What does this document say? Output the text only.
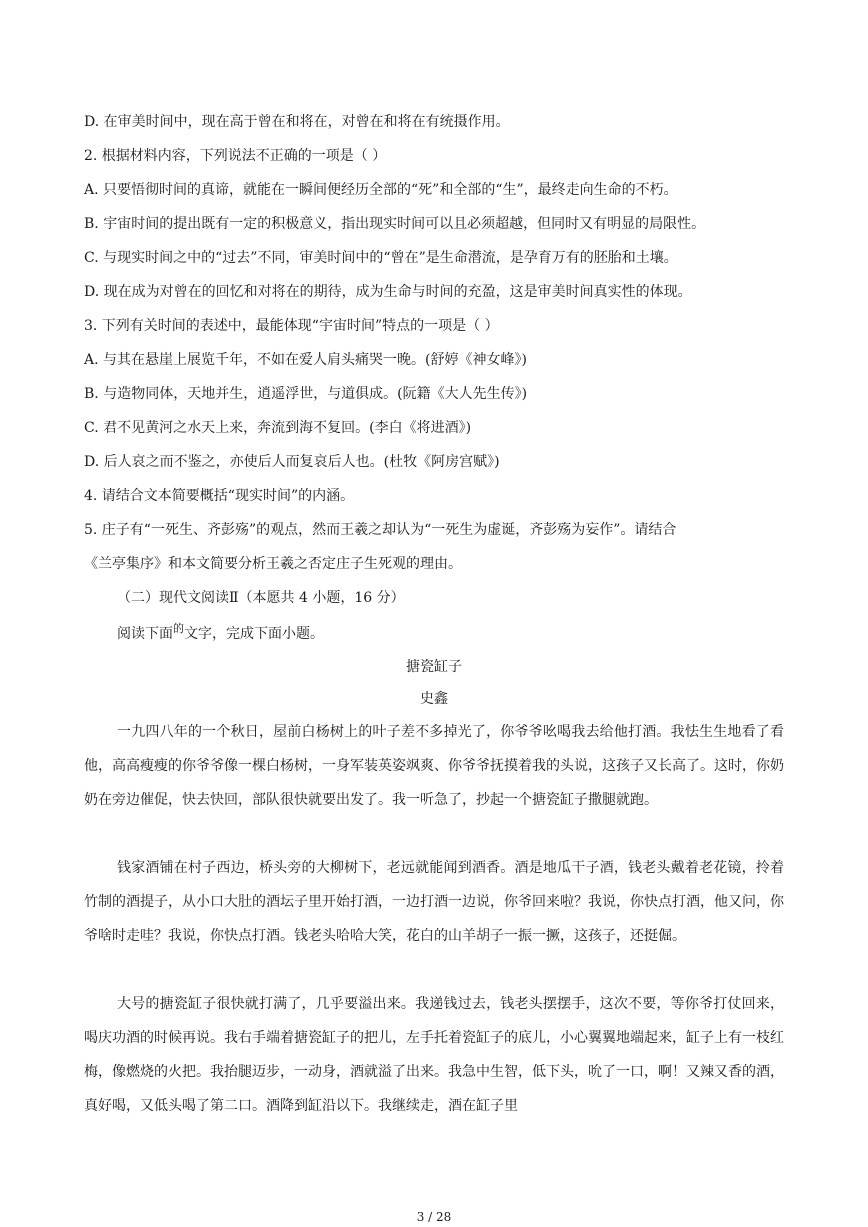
D. 在审美时间中，现在高于曾在和将在，对曾在和将在有统摄作用。
2. 根据材料内容，下列说法不正确的一项是（ ）
A. 只要悟彻时间的真谛，就能在一瞬间便经历全部的“死”和全部的“生”，最终走向生命的不朽。
B. 宇宙时间的提出既有一定的积极意义，指出现实时间可以且必须超越，但同时又有明显的局限性。
C. 与现实时间之中的“过去”不同，审美时间中的“曾在”是生命潜流，是孕育万有的胚胎和土壤。
D. 现在成为对曾在的回忆和对将在的期待，成为生命与时间的充盈，这是审美时间真实性的体现。
3. 下列有关时间的表述中，最能体现“宇宙时间”特点的一项是（ ）
A. 与其在悬崖上展览千年，不如在爱人肩头痛哭一晚。(舒婷《神女峰》)
B. 与造物同体，天地并生，逍遥浮世，与道俱成。(阮籍《大人先生传》)
C. 君不见黄河之水天上来，奔流到海不复回。(李白《将进酒》)
D. 后人哀之而不鉴之，亦使后人而复哀后人也。(杜牧《阿房宫赋》)
4. 请结合文本简要概括“现实时间”的内涵。
5. 庄子有“一死生、齐彭殇”的观点，然而王羲之却认为“一死生为虚诞，齐彭殇为妄作”。请结合
《兰亭集序》和本文简要分析王羲之否定庄子生死观的理由。
（二）现代文阅读Ⅱ（本愿共 4 小题，16 分）
阅读下面$^的$文字，完成下面小题。
搪瓷缸子
史鑫
一九四八年的一个秋日，屋前白杨树上的叶子差不多掉光了，你爷爷吆喝我去给他打酒。我怯生生地看了看他，高高瘦瘦的你爷爷像一棵白杨树，一身军装英姿飒爽、你爷爷抚摸着我的头说，这孩子又长高了。这时，你奶奶在旁边催促，快去快回，部队很快就要出发了。我一听急了，抄起一个搪瓷缸子撒腿就跑。
钱家酒铺在村子西边，桥头旁的大柳树下，老远就能闻到酒香。酒是地瓜干子酒，钱老头戴着老花镜，拎着竹制的酒提子，从小口大肚的酒坛子里开始打酒，一边打酒一边说，你爷回来啦？我说，你快点打酒，他又问，你爷啥时走哇？我说，你快点打酒。钱老头哈哈大笑，花白的山羊胡子一振一撅，这孩子，还挺倔。
大号的搪瓷缸子很快就打满了，几乎要溢出来。我递钱过去，钱老头摆摆手，这次不要，等你爷打仗回来，喝庆功酒的时候再说。我右手端着搪瓷缸子的把儿，左手托着瓷缸子的底儿，小心翼翼地端起来，缸子上有一枝红梅，像燃烧的火把。我抬腿迈步，一动身，酒就溢了出来。我急中生智，低下头，吮了一口，啊！又辣又香的酒，真好喝，又低头喝了第二口。酒降到缸沿以下。我继续走，酒在缸子里
3 / 28
